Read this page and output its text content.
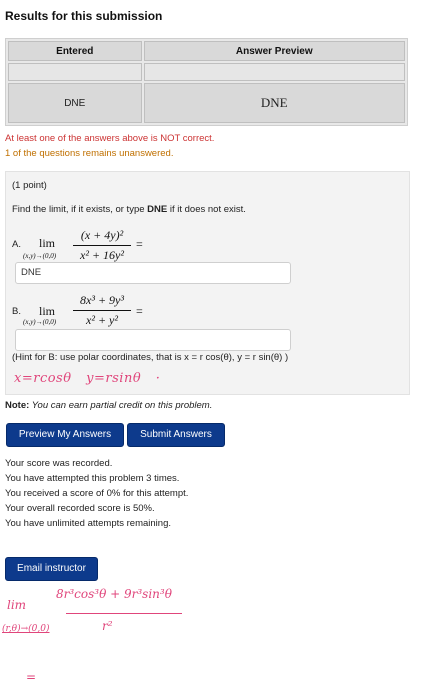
Results for this submission
Entered	Answer Preview

DNE	DNE
At least one of the answers above is NOT correct.
1 of the questions remains unanswered.
(1 point)
Find the limit, if it exists, or type DNE if it does not exist.
A. lim
(x,y)→(0,0)
(x + 4y)²
x² + 16y²
=
DNE
B. lim
(x,y)→(0,0)
8x³ + 9y³
x² + y²
=
(Hint for B: use polar coordinates, that is x = r cos(θ), y = r sin(θ) )
x=rcosθ y=rsinθ ·
Note: You can earn partial credit on this problem.
Preview My Answers	Submit Answers
Your score was recorded.
You have attempted this problem 3 times.
You received a score of 0% for this attempt.
Your overall recorded score is 50%.
You have unlimited attempts remaining.
Email instructor
8r³cos³θ + 9r³sin³θ
r²
lim
(r,θ)→(0,0)
=
